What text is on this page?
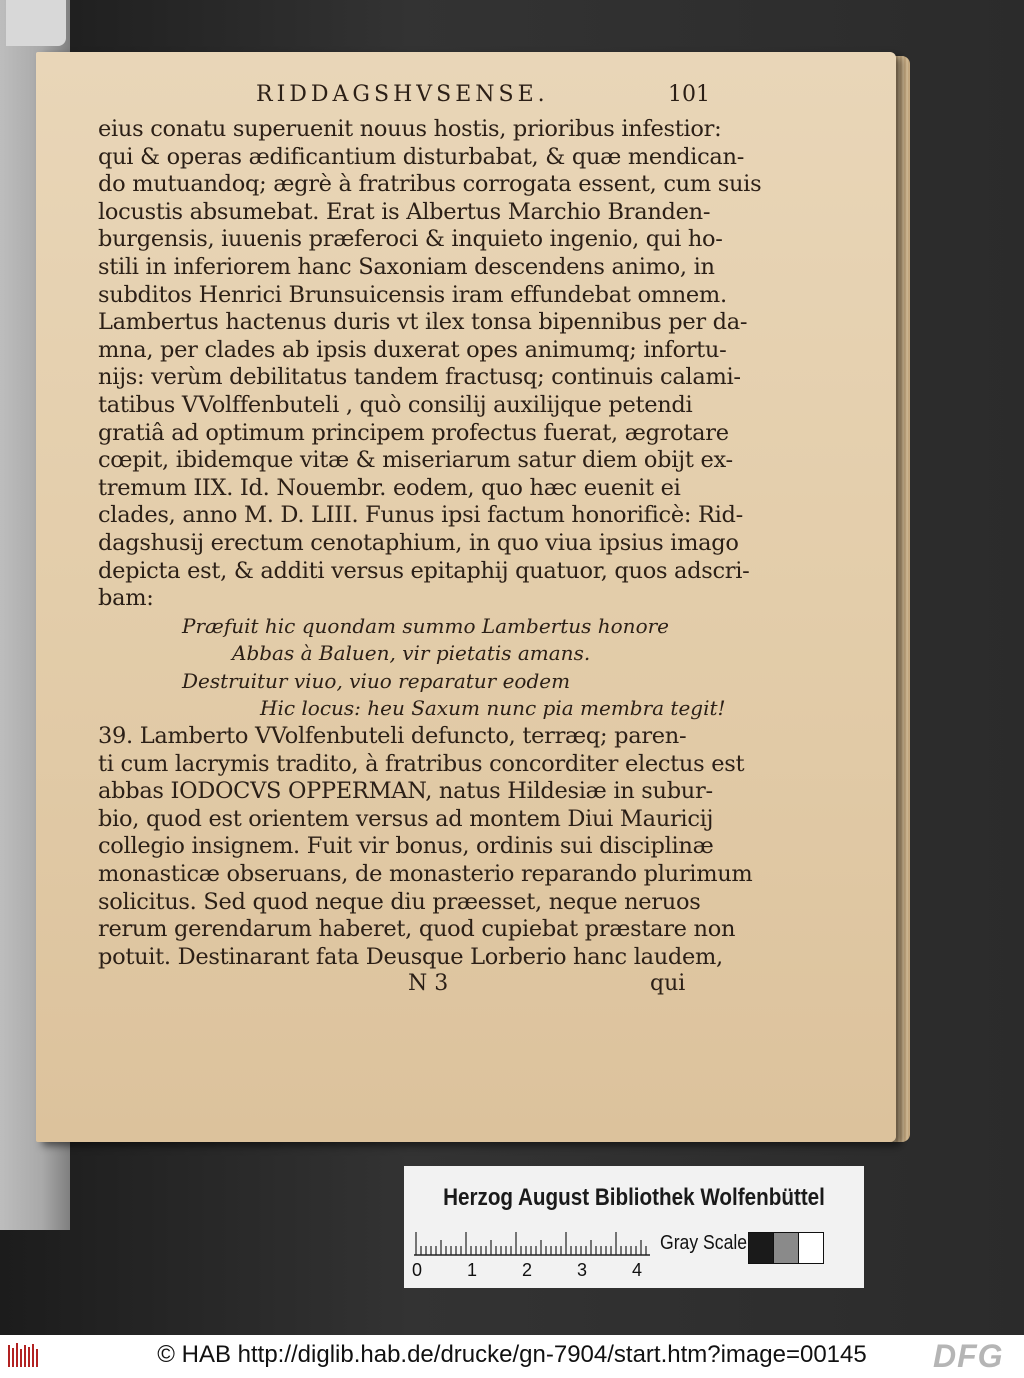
RIDDAGSHVSENSE.	101
eius conatu superuenit nouus hostis, prioribus infestior:
qui & operas ædificantium disturbabat, & quæ mendican-
do mutuandoq; ægrè à fratribus corrogata essent, cum suis
locustis absumebat. Erat is Albertus Marchio Branden-
burgensis, iuuenis præferoci & inquieto ingenio, qui ho-
stili in inferiorem hanc Saxoniam descendens animo, in
subditos Henrici Brunsuicensis iram effundebat omnem.
Lambertus hactenus duris vt ilex tonsa bipennibus per da-
mna, per clades ab ipsis duxerat opes animumq; infortu-
nijs: verùm debilitatus tandem fractusq; continuis calami-
tatibus VVolffenbuteli , quò consilij auxilijque petendi
gratiâ ad optimum principem profectus fuerat, ægrotare
cœpit, ibidemque vitæ & miseriarum satur diem obijt ex-
tremum IIX. Id. Nouembr. eodem, quo hæc euenit ei
clades, anno M. D. LIII. Funus ipsi factum honorificè: Rid-
dagshusij erectum cenotaphium, in quo viua ipsius imago
depicta est, & additi versus epitaphij quatuor, quos adscri-
bam:
Præfuit hic quondam summo Lambertus honore
Abbas à Baluen, vir pietatis amans.
Destruitur viuo, viuo reparatur eodem
Hic locus: heu Saxum nunc pia membra tegit!
39. Lamberto VVolfenbuteli defuncto, terræq; paren-
ti cum lacrymis tradito, à fratribus concorditer electus est
abbas IODOCVS OPPERMAN, natus Hildesiæ in subur-
bio, quod est orientem versus ad montem Diui Mauricij
collegio insignem. Fuit vir bonus, ordinis sui disciplinæ
monasticæ obseruans, de monasterio reparando plurimum
solicitus. Sed quod neque diu præesset, neque neruos
rerum gerendarum haberet, quod cupiebat præstare non
potuit. Destinarant fata Deusque Lorberio hanc laudem,
N 3	qui
Herzog August Bibliothek Wolfenbüttel
0 1 2 3 4
Gray Scale
© HAB http://diglib.hab.de/drucke/gn-7904/start.htm?image=00145	DFG
